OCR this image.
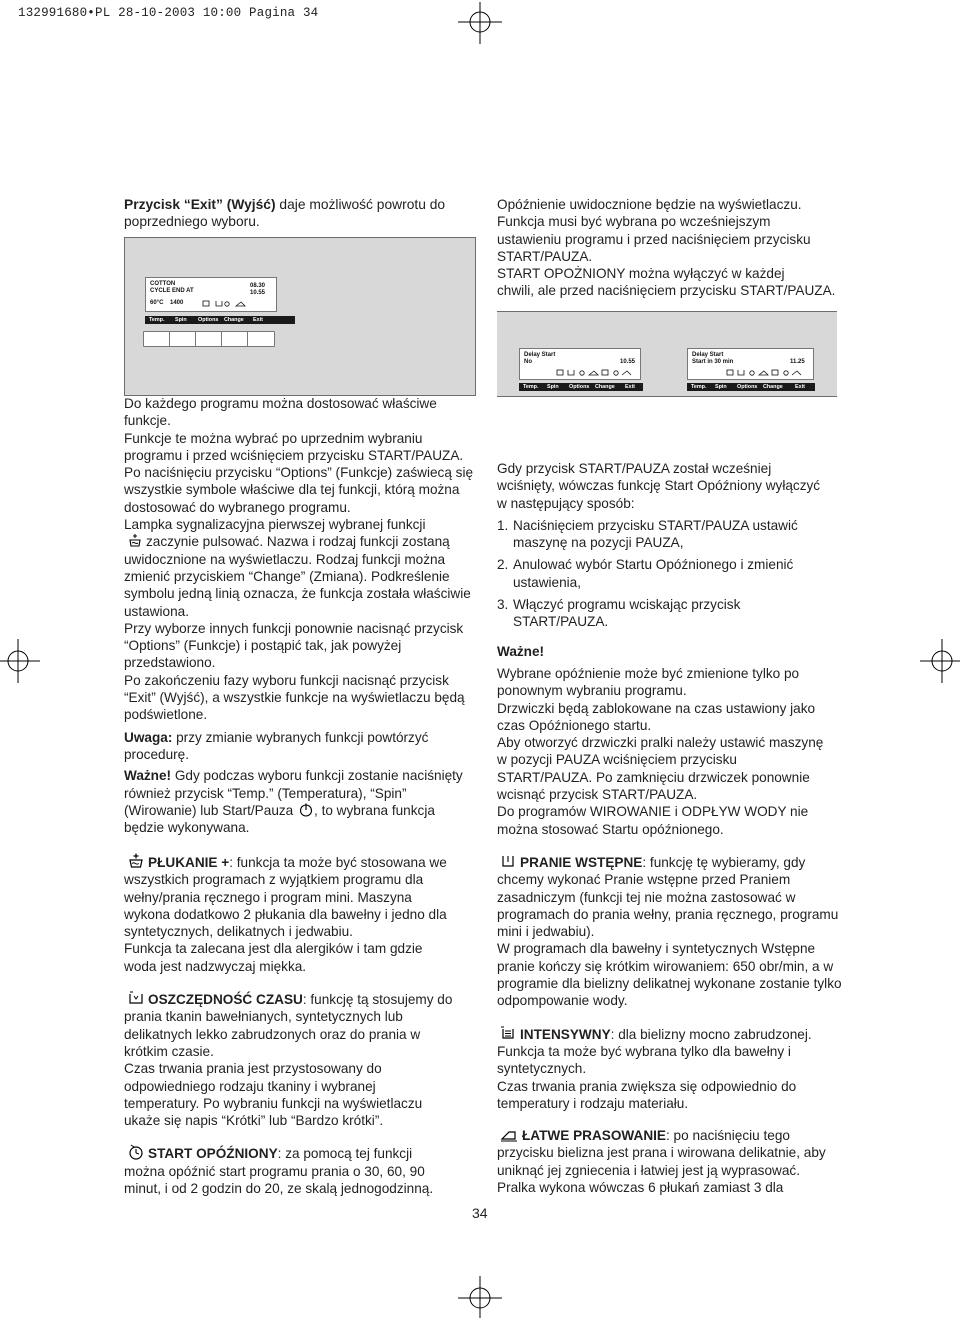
132991680•PL 28-10-2003 10:00 Pagina 34
Przycisk “Exit” (Wyjść) daje możliwość powrotu do poprzedniego wyboru.
COTTON
CYCLE END AT
60°C 1400
08.30
10.55
Temp. Spin Options Change Exit

Opóźnienie uwidocznione będzie na wyświetlaczu.

Funkcja musi być wybrana po wcześniejszym

ustawieniu programu i przed naciśnięciem przycisku

START/PAUZA.

START OPOŻNIONY można wyłączyć w każdej

chwili, ale przed naciśnięciem przycisku START/PAUZA.

Delay Start
No	10.55
Temp. Spin Options Change Exit
Delay Start
Start in 30 min	11.25
Temp. Spin Options Change Exit

Do każdego programu można dostosować właściwe funkcje.

Funkcje te można wybrać po uprzednim wybraniu programu i przed wciśnięciem przycisku START/PAUZA.

Po naciśnięciu przycisku “Options” (Funkcje) zaświecą się wszystkie symbole właściwe dla tej funkcji, którą można dostosować do wybranego programu.

Lampka sygnalizacyjna pierwszej wybranej funkcji
zaczynie pulsować. Nazwa i rodzaj funkcji zostaną uwidocznione na wyświetlaczu. Rodzaj funkcji można zmienić przyciskiem “Change” (Zmiana). Podkreślenie symbolu jedną linią oznacza, że funkcja została właściwie ustawiona.

Przy wyborze innych funkcji ponownie nacisnąć przycisk “Options” (Funkcje) i postąpić tak, jak powyżej przedstawiono.

Po zakończeniu fazy wyboru funkcji nacisnąć przycisk “Exit” (Wyjść), a wszystkie funkcje na wyświetlaczu będą podświetlone.

Uwaga: przy zmianie wybranych funkcji powtórzyć procedurę.

Ważne! Gdy podczas wyboru funkcji zostanie naciśnięty również przycisk “Temp.” (Temperatura), “Spin” (Wirowanie) lub Start/Pauza , to wybrana funkcja będzie wykonywana.

Gdy przycisk START/PAUZA został wcześniej wciśnięty, wówczas funkcję Start Opóźniony wyłączyć w następujący sposób:

1. Naciśnięciem przycisku START/PAUZA ustawić maszynę na pozycji PAUZA,
2. Anulować wybór Startu Opóźnionego i zmienić ustawienia,
3. Włączyć programu wciskając przycisk START/PAUZA.

Ważne!

Wybrane opóźnienie może być zmienione tylko po ponownym wybraniu programu.

Drzwiczki będą zablokowane na czas ustawiony jako czas Opóźnionego startu.

Aby otworzyć drzwiczki pralki należy ustawić maszynę w pozycji PAUZA wciśnięciem przycisku START/PAUZA. Po zamknięciu drzwiczek ponownie wcisnąć przycisk START/PAUZA.

Do programów WIROWANIE i ODPŁYW WODY nie można stosować Startu opóźnionego.

PŁUKANIE +: funkcja ta może być stosowana we wszystkich programach z wyjątkiem programu dla wełny/prania ręcznego i program mini. Maszyna wykona dodatkowo 2 płukania dla bawełny i jedno dla syntetycznych, delikatnych i jedwabiu.

Funkcja ta zalecana jest dla alergików i tam gdzie woda jest nadzwyczaj miękka.

OSZCZĘDNOŚĆ CZASU: funkcję tą stosujemy do prania tkanin bawełnianych, syntetycznych lub delikatnych lekko zabrudzonych oraz do prania w krótkim czasie.

Czas trwania prania jest przystosowany do odpowiedniego rodzaju tkaniny i wybranej temperatury. Po wybraniu funkcji na wyświetlaczu ukaże się napis “Krótki” lub “Bardzo krótki”.

START OPÓŹNIONY: za pomocą tej funkcji można opóźnić start programu prania o 30, 60, 90 minut, i od 2 godzin do 20, ze skalą jednogodzinną.

PRANIE WSTĘPNE: funkcję tę wybieramy, gdy chcemy wykonać Pranie wstępne przed Praniem zasadniczym (funkcji tej nie można zastosować w programach do prania wełny, prania ręcznego, programu mini i jedwabiu).

W programach dla bawełny i syntetycznych Wstępne pranie kończy się krótkim wirowaniem: 650 obr/min, a w programie dla bielizny delikatnej wykonane zostanie tylko odpompowanie wody.

INTENSYWNY: dla bielizny mocno zabrudzonej. Funkcja ta może być wybrana tylko dla bawełny i syntetycznych.

Czas trwania prania zwiększa się odpowiednio do temperatury i rodzaju materiału.

ŁATWE PRASOWANIE: po naciśnięciu tego przycisku bielizna jest prana i wirowana delikatnie, aby uniknąć jej zgniecenia i łatwiej jest ją wyprasować. Pralka wykona wówczas 6 płukań zamiast 3 dla

34
